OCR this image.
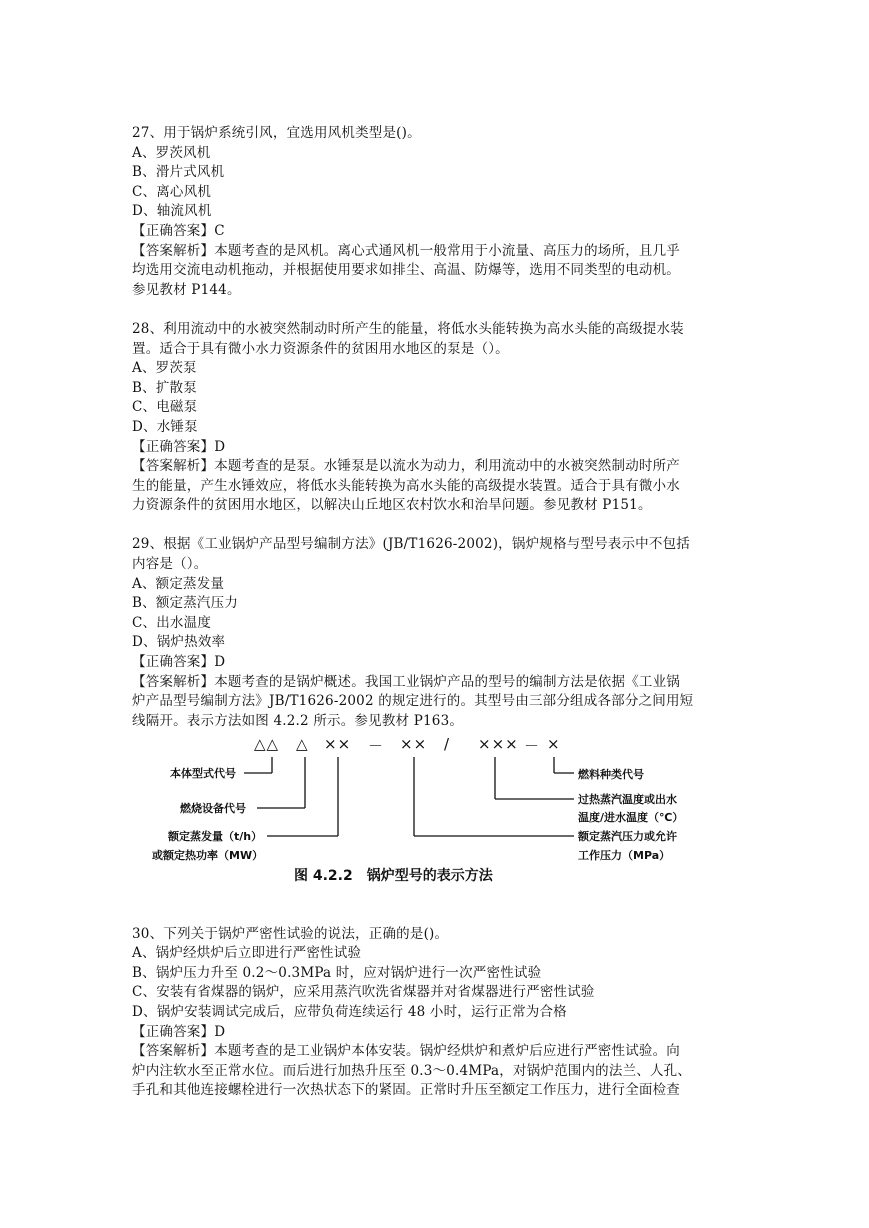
27、用于锅炉系统引风，宜选用风机类型是()。
A、罗茨风机
B、滑片式风机
C、离心风机
D、轴流风机
【正确答案】C
【答案解析】本题考查的是风机。离心式通风机一般常用于小流量、高压力的场所，且几乎
均选用交流电动机拖动，并根据使用要求如排尘、高温、防爆等，选用不同类型的电动机。
参见教材 P144。
28、利用流动中的水被突然制动时所产生的能量，将低水头能转换为高水头能的高级提水装
置。适合于具有微小水力资源条件的贫困用水地区的泵是（）。
A、罗茨泵
B、扩散泵
C、电磁泵
D、水锤泵
【正确答案】D
【答案解析】本题考查的是泵。水锤泵是以流水为动力，利用流动中的水被突然制动时所产
生的能量，产生水锤效应，将低水头能转换为高水头能的高级提水装置。适合于具有微小水
力资源条件的贫困用水地区，以解决山丘地区农村饮水和治旱问题。参见教材 P151。
29、根据《工业锅炉产品型号编制方法》(JB/T1626-2002)，锅炉规格与型号表示中不包括
内容是（）。
A、额定蒸发量
B、额定蒸汽压力
C、出水温度
D、锅炉热效率
【正确答案】D
【答案解析】本题考查的是锅炉概述。我国工业锅炉产品的型号的编制方法是依据《工业锅
炉产品型号编制方法》JB/T1626-2002 的规定进行的。其型号由三部分组成各部分之间用短
线隔开。表示方法如图 4.2.2 所示。参见教材 P163。
△△ △ ×× － ×× / ××× － ×
本体型式代号
燃烧设备代号
额定蒸发量（t/h）
或额定热功率（MW）
燃料种类代号
过热蒸汽温度或出水
温度/进水温度（℃）
额定蒸汽压力或允许
工作压力（MPa）
图 4.2.2　锅炉型号的表示方法
30、下列关于锅炉严密性试验的说法，正确的是()。
A、锅炉经烘炉后立即进行严密性试验
B、锅炉压力升至 0.2～0.3MPa 时，应对锅炉进行一次严密性试验
C、安装有省煤器的锅炉，应采用蒸汽吹洗省煤器并对省煤器进行严密性试验
D、锅炉安装调试完成后，应带负荷连续运行 48 小时，运行正常为合格
【正确答案】D
【答案解析】本题考查的是工业锅炉本体安装。锅炉经烘炉和煮炉后应进行严密性试验。向
炉内注软水至正常水位。而后进行加热升压至 0.3～0.4MPa，对锅炉范围内的法兰、人孔、
手孔和其他连接螺栓进行一次热状态下的紧固。正常时升压至额定工作压力，进行全面检查
